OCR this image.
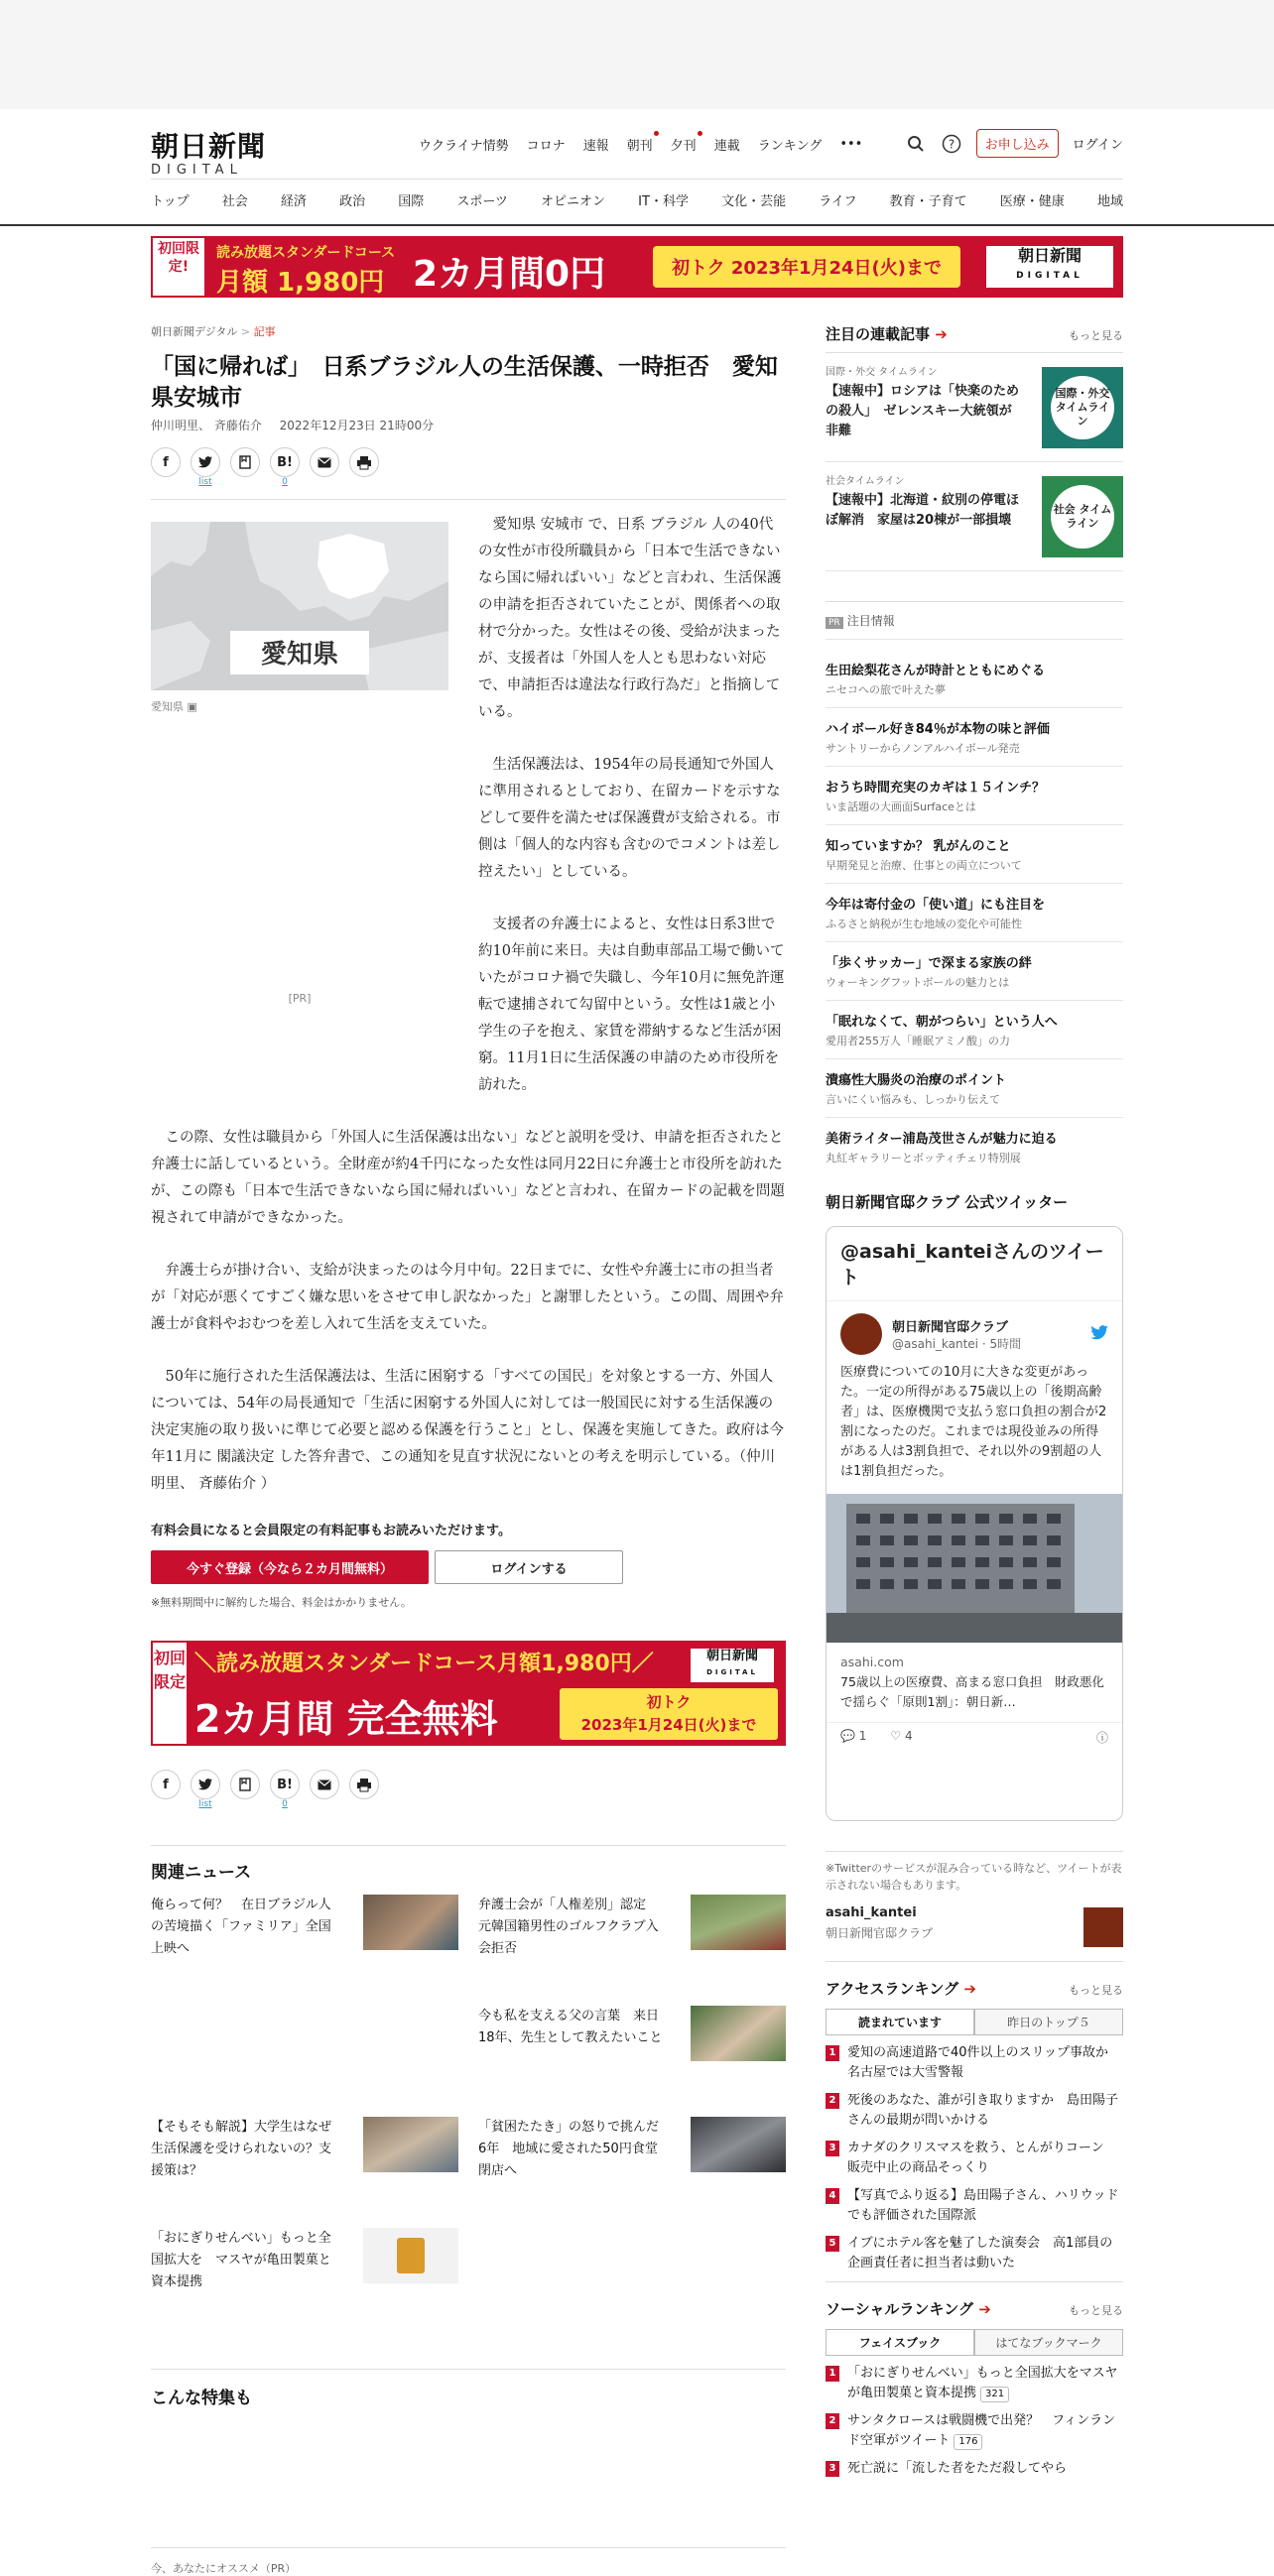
朝日新聞
DIGITAL
ウクライナ情勢 コロナ 速報 朝刊 夕刊 連載 ランキング •••	?	お申し込み	ログイン
トップ	社会	経済	政治	国際	スポーツ	オピニオン	IT・科学	文化・芸能	ライフ	教育・子育て	医療・健康	地域
初回限定!
読み放題スタンダードコース
月額 1,980円 2カ月間0円	初トク 2023年1月24日(火)まで
朝日新聞
DIGITAL
朝日新聞デジタル > 記事
「国に帰れば」　日系ブラジル人の生活保護、一時拒否　愛知県安城市
仲川明里、 斉藤佑介 2022年12月23日 21時00分
f
list
B!
0
愛知県
愛知県 ▣
[PR]

愛知県 安城市 で、日系 ブラジル 人の40代の女性が市役所職員から「日本で生活できないなら国に帰ればいい」などと言われ、生活保護 の申請を拒否されていたことが、関係者への取材で分かった。女性はその後、受給が決まったが、支援者は「外国人を人とも思わない対応で、申請拒否は違法な行政行為だ」と指摘している。

生活保護法は、1954年の局長通知で外国人に準用されるとしており、在留カードを示すなどして要件を満たせば保護費が支給される。市側は「個人的な内容も含むのでコメントは差し控えたい」としている。

支援者の弁護士によると、女性は日系3世で約10年前に来日。夫は自動車部品工場で働いていたがコロナ禍で失職し、今年10月に無免許運転で逮捕されて勾留中という。女性は1歳と小学生の子を抱え、家賃を滞納するなど生活が困窮。11月1日に生活保護の申請のため市役所を訪れた。

この際、女性は職員から「外国人に生活保護は出ない」などと説明を受け、申請を拒否されたと弁護士に話しているという。全財産が約4千円になった女性は同月22日に弁護士と市役所を訪れたが、この際も「日本で生活できないなら国に帰ればいい」などと言われ、在留カードの記載を問題視されて申請ができなかった。

弁護士らが掛け合い、支給が決まったのは今月中旬。22日までに、女性や弁護士に市の担当者が「対応が悪くてすごく嫌な思いをさせて申し訳なかった」と謝罪したという。この間、周囲や弁護士が食料やおむつを差し入れて生活を支えていた。

50年に施行された生活保護法は、生活に困窮する「すべての国民」を対象とする一方、外国人については、54年の局長通知で「生活に困窮する外国人に対しては一般国民に対する生活保護の決定実施の取り扱いに準じて必要と認める保護を行うこと」とし、保護を実施してきた。政府は今年11月に 閣議決定 した答弁書で、この通知を見直す状況にないとの考えを明示している。（仲川明里、 斉藤佑介 ）

有料会員になると会員限定の有料記事もお読みいただけます。
今すぐ登録（今なら２カ月間無料）	ログインする
※無料期間中に解約した場合、料金はかかりません。
初回限定
＼読み放題スタンダードコース月額1,980円／
2カ月間 完全無料	初トク
2023年1月24日(火)まで
朝日新聞
DIGITAL
f
list
B!
0
関連ニュース
俺らって何？　在日ブラジル人の苦境描く「ファミリア」全国上映へ
弁護士会が「人権差別」認定　元韓国籍男性のゴルフクラブ入会拒否
今も私を支える父の言葉　来日18年、先生として教えたいこと
【そもそも解説】大学生はなぜ生活保護を受けられないの？支援策は？
「貧困たたき」の怒りで挑んだ6年　地域に愛された50円食堂閉店へ
「おにぎりせんべい」もっと全国拡大を　マスヤが亀田製菓と資本提携
こんな特集も
今、あなたにオススメ（PR）
注目の連載記事 ➔	もっと見る
国際・外交 タイムライン
【速報中】ロシアは「快楽のための殺人」　ゼレンスキー大統領が非難
国際・外交 タイムライン
社会タイムライン
【速報中】北海道・紋別の停電ほぼ解消　家屋は20棟が一部損壊
社会 タイムライン
PR 注目情報
生田絵梨花さんが時計とともにめぐる
ニセコへの旅で叶えた夢
ハイボール好き84％が本物の味と評価
サントリーからノンアルハイボール発売
おうち時間充実のカギは１５インチ？
いま話題の大画面Surfaceとは
知っていますか？ 乳がんのこと
早期発見と治療、仕事との両立について
今年は寄付金の「使い道」にも注目を
ふるさと納税が生む地域の変化や可能性
「歩くサッカー」で深まる家族の絆
ウォーキングフットボールの魅力とは
「眠れなくて、朝がつらい」という人へ
愛用者255万人「睡眠アミノ酸」の力
潰瘍性大腸炎の治療のポイント
言いにくい悩みも、しっかり伝えて
美術ライター浦島茂世さんが魅力に迫る
丸紅ギャラリーとボッティチェリ特別展
朝日新聞官邸クラブ 公式ツイッター
@asahi_kanteiさんのツイート
朝日新聞官邸クラブ
@asahi_kantei · 5時間
医療費についての10月に大きな変更があった。一定の所得がある75歳以上の「後期高齢者」は、医療機関で支払う窓口負担の割合が2割になったのだ。これまでは現役並みの所得がある人は3割負担で、それ以外の9割超の人は1割負担だった。
asahi.com
75歳以上の医療費、高まる窓口負担　財政悪化で揺らぐ「原則1割」：朝日新…
💬 1 ♡ 4	ⓘ
※Twitterのサービスが混み合っている時など、ツイートが表示されない場合もあります。
asahi_kantei
朝日新聞官邸クラブ
アクセスランキング ➔	もっと見る
読まれています	昨日のトップ５
1 愛知の高速道路で40件以上のスリップ事故か　名古屋では大雪警報
2 死後のあなた、誰が引き取りますか　島田陽子さんの最期が問いかける
3 カナダのクリスマスを救う、とんがりコーン　販売中止の商品そっくり
4 【写真でふり返る】島田陽子さん、ハリウッドでも評価された国際派
5 イブにホテル客を魅了した演奏会　高1部員の企画責任者に担当者は動いた
ソーシャルランキング ➔	もっと見る
フェイスブック	はてなブックマーク
1 「おにぎりせんべい」もっと全国拡大をマスヤが亀田製菓と資本提携 321
2 サンタクロースは戦闘機で出発？　フィンランド空軍がツイート 176
3 死亡説に「流した者をただ殺してやら
